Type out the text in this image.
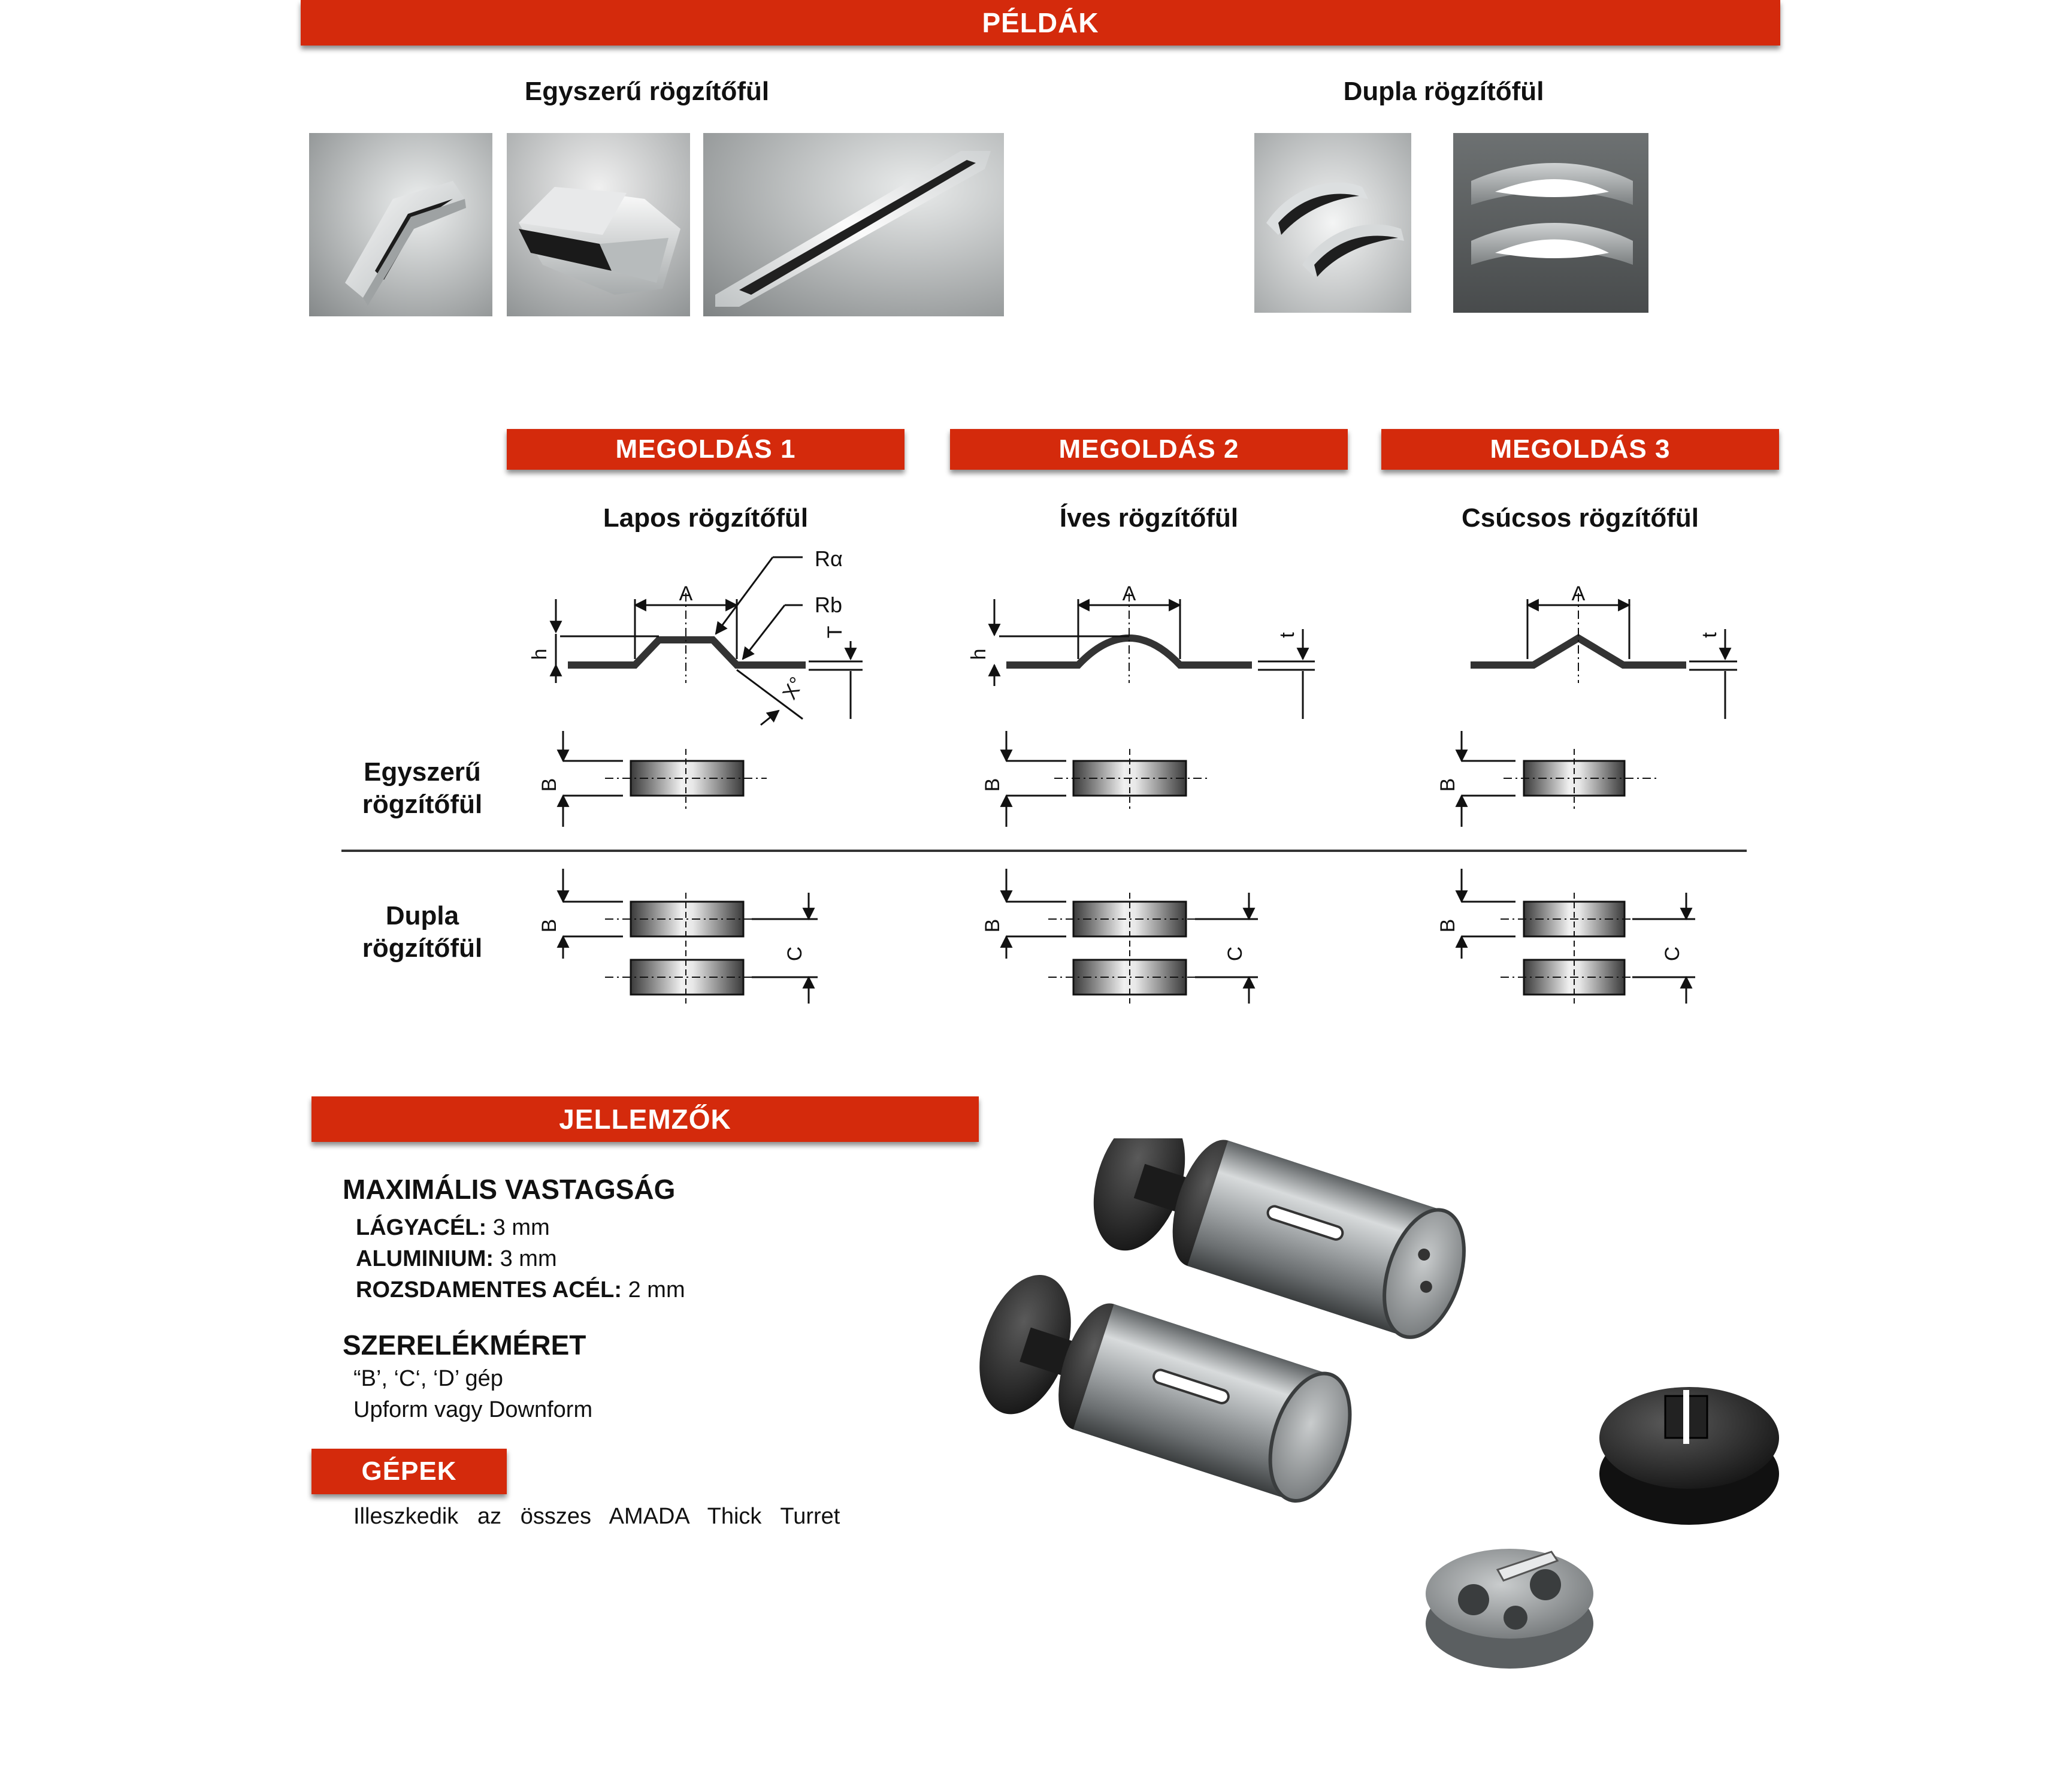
PÉLDÁK
Egyszerű rögzítőfül	Dupla rögzítőfül
MEGOLDÁS 1	MEGOLDÁS 2	MEGOLDÁS 3
Lapos rögzítőfül	Íves rögzítőfül	Csúcsos rögzítőfül
A
h
T
Rα
Rb
X°
A
h
t
A
t
B	B	B
B
C
B
C
B
C
Egyszerű
rögzítőfül
Dupla
rögzítőfül
JELLEMZŐK
MAXIMÁLIS VASTAGSÁG
LÁGYACÉL: 3 mm
ALUMINIUM: 3 mm
ROZSDAMENTES ACÉL: 2 mm
SZERELÉKMÉRET
“B’, ‘C‘, ‘D’ gép
Upform vagy Downform
GÉPEK
Illeszkedik   az   összes   AMADA   Thick   Turret
